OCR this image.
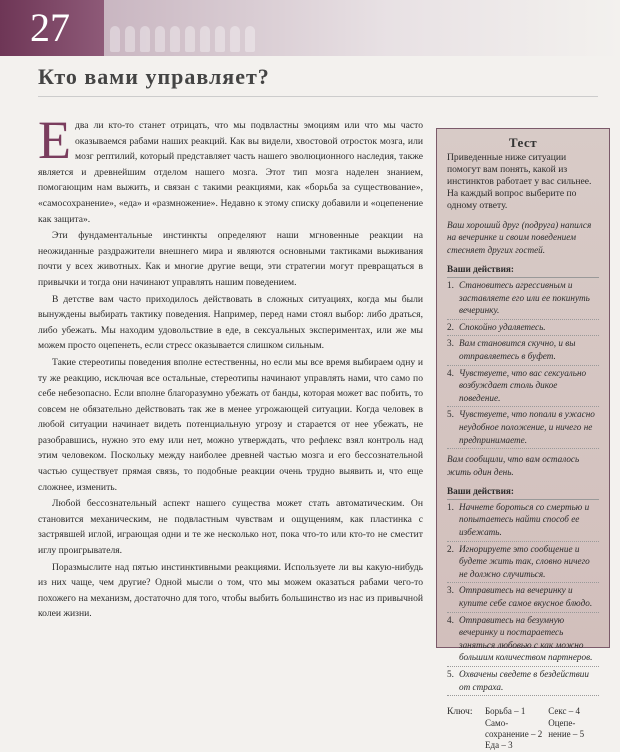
27
Кто вами управляет?

Едва ли кто-то станет отрицать, что мы подвластны эмоциям или что мы часто оказываемся рабами наших реакций. Как вы видели, хвостовой отросток мозга, или мозг рептилий, который представляет часть нашего эволюционного наследия, также является и древнейшим отделом нашего мозга. Этот тип мозга наделен знанием, помогающим нам выжить, и связан с такими реакциями, как «борьба за существование», «самосохранение», «еда» и «размножение». Недавно к этому списку добавили и «оцепенение как защита».

Эти фундаментальные инстинкты определяют наши мгновенные реакции на неожиданные раздражители внешнего мира и являются основными тактиками выживания почти у всех животных. Как и многие другие вещи, эти стратегии могут превращаться в привычки и тогда они начинают управлять нашим поведением.

В детстве вам часто приходилось действовать в сложных ситуациях, когда мы были вынуждены выбирать тактику поведения. Например, перед нами стоял выбор: либо драться, либо убежать. Мы находим удовольствие в еде, в сексуальных экспериментах, или же мы можем просто оцепенеть, если стресс оказывается слишком сильным.

Такие стереотипы поведения вполне естественны, но если мы все время выбираем одну и ту же реакцию, исключая все остальные, стереотипы начинают управлять нами, что само по себе небезопасно. Если вполне благоразумно убежать от банды, которая может вас побить, то совсем не обязательно действовать так же в менее угрожающей ситуации. Когда человек в любой ситуации начинает видеть потенциальную угрозу и старается от нее убежать, не разобравшись, нужно это ему или нет, можно утверждать, что рефлекс взял контроль над этим человеком. Поскольку между наиболее древней частью мозга и его бессознательной частью существует прямая связь, то подобные реакции очень трудно выявить и, что еще сложнее, изменить.

Любой бессознательный аспект нашего существа может стать автоматическим. Он становится механическим, не подвластным чувствам и ощущениям, как пластинка с застрявшей иглой, играющая одни и те же несколько нот, пока что-то или кто-то не сместит иглу проигрывателя.

Поразмыслите над пятью инстинктивными реакциями. Используете ли вы какую-нибудь из них чаще, чем другие? Одной мысли о том, что мы можем оказаться рабами чего-то похожего на механизм, достаточно для того, чтобы выбить большинство из нас из привычной колеи жизни.

Тест
Приведенные ниже ситуации помогут вам понять, какой из инстинктов работает у вас сильнее. На каждый вопрос выберите по одному ответу.
Ваш хороший друг (подруга) напился на вечеринке и своим поведением стесняет других гостей.
Ваши действия:
1. Становитесь агрессивным и заставляете его или ее покинуть вечеринку.
2. Спокойно удаляетесь.
3. Вам становится скучно, и вы отправляетесь в буфет.
4. Чувствуете, что вас сексуально возбуждает столь дикое поведение.
5. Чувствуете, что попали в ужасно неудобное положение, и ничего не предпринимаете.
Вам сообщили, что вам осталось жить один день.
Ваши действия:
1. Начнете бороться со смертью и попытаетесь найти способ ее избежать.
2. Игнорируете это сообщение и будете жить так, словно ничего не должно случиться.
3. Отправитесь на вечеринку и купите себе самое вкусное блюдо.
4. Отправитесь на безумную вечеринку и постараетесь заняться любовью с как можно большим количеством партнеров.
5. Охвачены сведете в бездействии от страха.
Ключ:	Борьба – 1
Само-
сохранение – 2
Еда – 3
Секс – 4
Оцепе-
нение – 5
